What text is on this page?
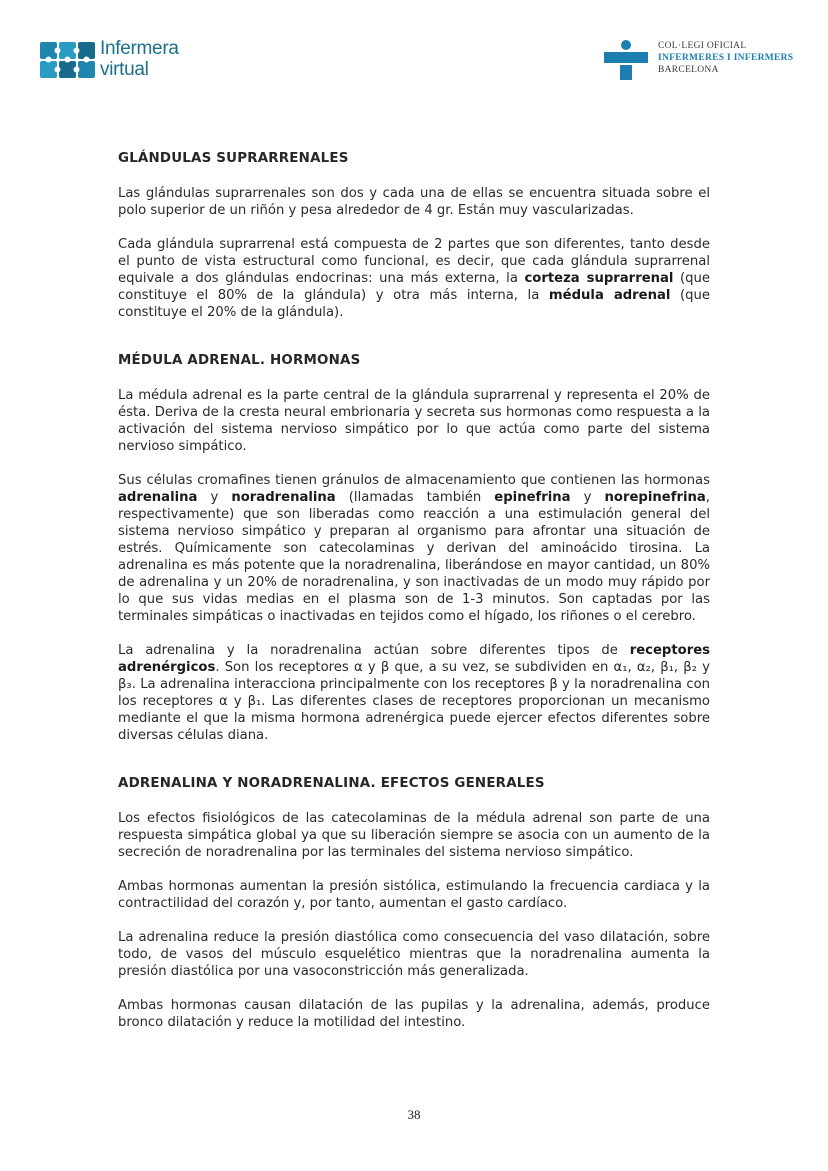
Infermera
virtual
COL·LEGI OFICIAL
INFERMERES I INFERMERS
BARCELONA
GLÁNDULAS SUPRARRENALES

Las glándulas suprarrenales son dos y cada una de ellas se encuentra situada sobre el polo superior de un riñón y pesa alrededor de 4 gr. Están muy vascularizadas.

Cada glándula suprarrenal está compuesta de 2 partes que son diferentes, tanto desde el punto de vista estructural como funcional, es decir, que cada glándula suprarrenal equivale a dos glándulas endocrinas: una más externa, la corteza suprarrenal (que constituye el 80% de la glándula) y otra más interna, la médula adrenal (que constituye el 20% de la glándula).

MÉDULA ADRENAL. HORMONAS

La médula adrenal es la parte central de la glándula suprarrenal y representa el 20% de ésta. Deriva de la cresta neural embrionaria y secreta sus hormonas como respuesta a la activación del sistema nervioso simpático por lo que actúa como parte del sistema nervioso simpático.

Sus células cromafines tienen gránulos de almacenamiento que contienen las hormonas adrenalina y noradrenalina (llamadas también epinefrina y norepinefrina, respectivamente) que son liberadas como reacción a una estimulación general del sistema nervioso simpático y preparan al organismo para afrontar una situación de estrés. Químicamente son catecolaminas y derivan del aminoácido tirosina. La adrenalina es más potente que la noradrenalina, liberándose en mayor cantidad, un 80% de adrenalina y un 20% de noradrenalina, y son inactivadas de un modo muy rápido por lo que sus vidas medias en el plasma son de 1-3 minutos. Son captadas por las terminales simpáticas o inactivadas en tejidos como el hígado, los riñones o el cerebro.

La adrenalina y la noradrenalina actúan sobre diferentes tipos de receptores adrenérgicos. Son los receptores α y β que, a su vez, se subdividen en α₁, α₂, β₁, β₂ y β₃. La adrenalina interacciona principalmente con los receptores β y la noradrenalina con los receptores α y β₁. Las diferentes clases de receptores proporcionan un mecanismo mediante el que la misma hormona adrenérgica puede ejercer efectos diferentes sobre diversas células diana.

ADRENALINA Y NORADRENALINA. EFECTOS GENERALES

Los efectos fisiológicos de las catecolaminas de la médula adrenal son parte de una respuesta simpática global ya que su liberación siempre se asocia con un aumento de la secreción de noradrenalina por las terminales del sistema nervioso simpático.

Ambas hormonas aumentan la presión sistólica, estimulando la frecuencia cardiaca y la contractilidad del corazón y, por tanto, aumentan el gasto cardíaco.

La adrenalina reduce la presión diastólica como consecuencia del vaso dilatación, sobre todo, de vasos del músculo esquelético mientras que la noradrenalina aumenta la presión diastólica por una vasoconstricción más generalizada.

Ambas hormonas causan dilatación de las pupilas y la adrenalina, además, produce bronco dilatación y reduce la motilidad del intestino.

38
